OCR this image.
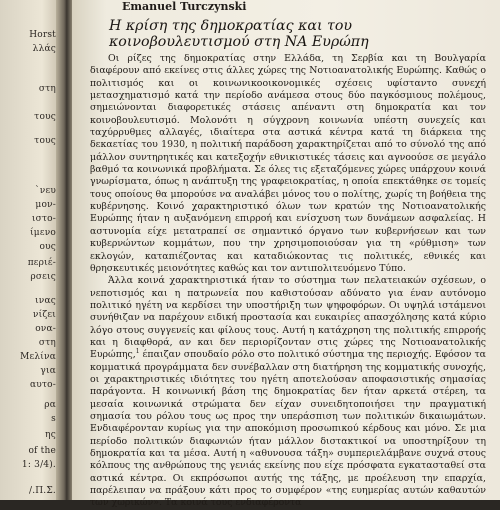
Horst
λλάς
στη
τους
τους
̀νευ
μον-
ιστο-
ίμενο
ους
περιέ-
ρσεις
ινας
νίζει
ονα-
στη
Μελίνα
για
αυτο-
ρα
s
ης
of the
1: 3/4).
/.Π.Σ.
Emanuel Turczynski
Η κρίση της δημοκρατίας και του
κοινοβουλευτισμού στη ΝΑ Ευρώπη

Οι ρίζες της δημοκρατίας στην Ελλάδα, τη Σερβία και τη Βουλγαρία διαφέρουν από εκείνες στις άλλες χώρες της Νοτιοανατολικής Ευρώπης. Καθώς ο πολιτισμός και οι κοινωνικοοικονομικές σχέσεις υφίσταντο συνεχή μετασχηματισμό κατά την περίοδο ανάμεσα στους δύο παγκόσμιους πολέμους, σημειώνονται διαφορετικές στάσεις απέναντι στη δημοκρατία και τον κοινοβουλευτισμό. Μολονότι η σύγχρονη κοινωνία υπέστη συνεχείς και ταχύρρυθμες αλλαγές, ιδιαίτερα στα αστικά κέντρα κατά τη διάρκεια της δεκαετίας του 1930, η πολιτική παράδοση χαρακτηρίζεται από το σύνολό της από μάλλον συντηρητικές και κατεξοχήν εθνικιστικές τάσεις και αγνοούσε σε μεγάλο βαθμό τα κοινωνικά προβλήματα. Σε όλες τις εξεταζόμενες χώρες υπάρχουν κοινά γνωρίσματα, όπως η ανάπτυξη της γραφειοκρατίας, η οποία επεκτάθηκε σε τομείς τους οποίους θα μπορούσε να αναλάβει μόνος του ο πολίτης, χωρίς τη βοήθεια της κυβέρνησης. Κοινό χαρακτηριστικό όλων των κρατών της Νοτιοανατολικής Ευρώπης ήταν η αυξανόμενη επιρροή και ενίσχυση των δυνάμεων ασφαλείας. Η αστυνομία είχε μετατραπεί σε σημαντικό όργανο των κυβερνήσεων και των κυβερνώντων κομμάτων, που την χρησιμοποιούσαν για τη «ρύθμιση» των εκλογών, καταπιέζοντας και καταδιώκοντας τις πολιτικές, εθνικές και θρησκευτικές μειονότητες καθώς και τον αντιπολιτευόμενο Τύπο.

Άλλα κοινά χαρακτηριστικά ήταν το σύστημα των πελατειακών σχέσεων, ο νεποτισμός και η πατρωνεία που καθιστούσαν αδύνατο για έναν αυτόνομο πολιτικό ηγέτη να κερδίσει την υποστήριξη των ψηφοφόρων. Οι υψηλά ιστάμενοι συνήθιζαν να παρέχουν ειδική προστασία και ευκαιρίες απασχόλησης κατά κύριο λόγο στους συγγενείς και φίλους τους. Αυτή η κατάχρηση της πολιτικής επιρροής και η διαφθορά, αν και δεν περιορίζονταν στις χώρες της Νοτιοανατολικής Ευρώπης,$^1$ έπαιζαν σπουδαίο ρόλο στο πολιτικό σύστημα της περιοχής. Εφόσον τα κομματικά προγράμματα δεν συνέβαλλαν στη διατήρηση της κομματικής συνοχής, οι χαρακτηριστικές ιδιότητες του ηγέτη αποτελούσαν αποφασιστικής σημασίας παράγοντα. Η κοινωνική βάση της δημοκρατίας δεν ήταν αρκετά στέρεη, τα μεσαία κοινωνικά στρώματα δεν είχαν συνειδητοποιήσει την πραγματική σημασία του ρόλου τους ως προς την υπεράσπιση των πολιτικών δικαιωμάτων. Ενδιαφέρονταν κυρίως για την αποκόμιση προσωπικού κέρδους και μόνο. Σε μια περίοδο πολιτικών διαφωνιών ήταν μάλλον διστακτικοί να υποστηρίξουν τη δημοκρατία και τα μέσα. Αυτή η «αθυνουσα τάξη» συμπεριελάμβανε συχνά στους κόλπους της ανθρώπους της γενιάς εκείνης που είχε πρόσφατα εγκατασταθεί στα αστικά κέντρα. Οι εκπρόσωποι αυτής της τάξης, με προέλευση την επαρχία, παρέλειπαν να πράξουν κάτι προς το συμφέρον «της ευημερίας αυτών καθαυτών των χωρικών». Τα κοινά τους ενδιαφέροντα
